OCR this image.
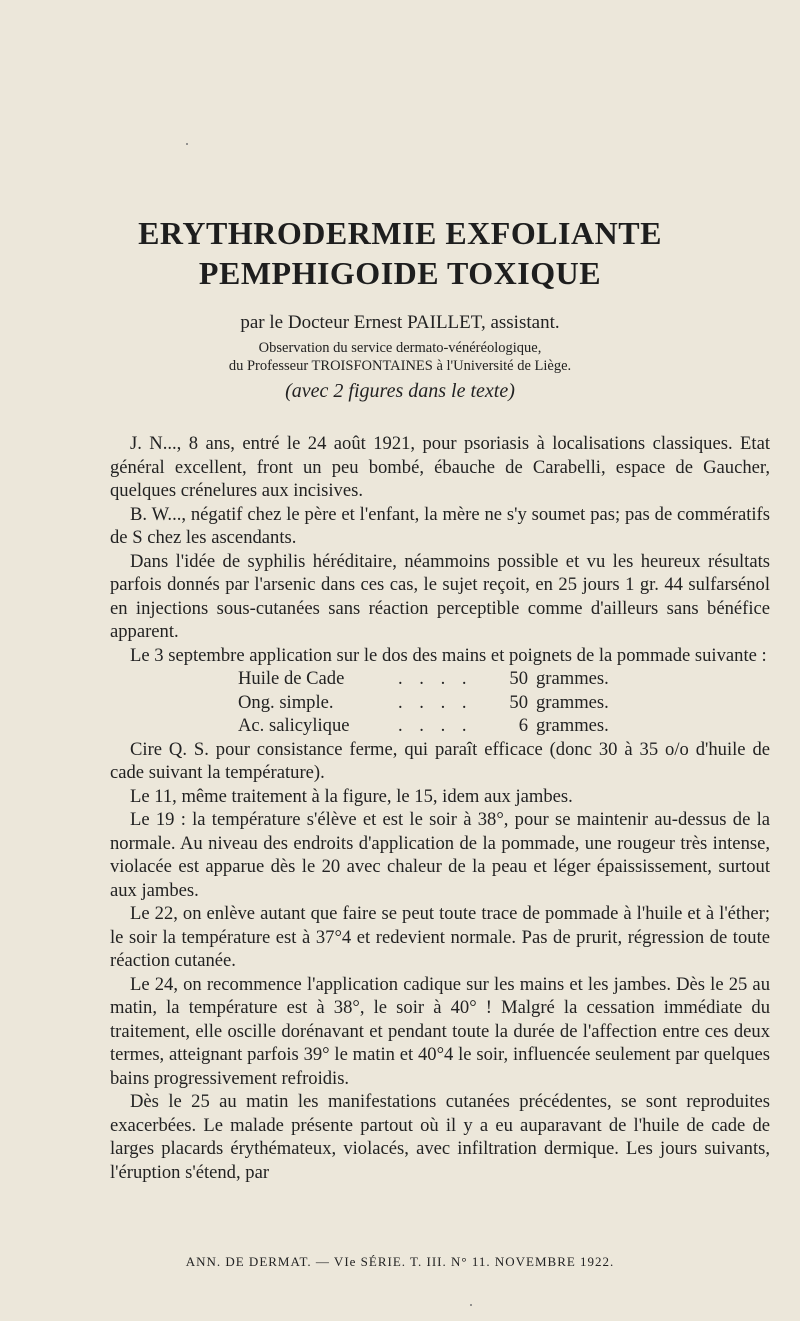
ERYTHRODERMIE EXFOLIANTE
PEMPHIGOIDE TOXIQUE
par le Docteur Ernest PAILLET, assistant.
Observation du service dermato-vénéréologique,
du Professeur TROISFONTAINES à l'Université de Liège.
(avec 2 figures dans le texte)

J. N..., 8 ans, entré le 24 août 1921, pour psoriasis à localisations classiques. Etat général excellent, front un peu bombé, ébauche de Carabelli, espace de Gaucher, quelques crénelures aux incisives.

B. W..., négatif chez le père et l'enfant, la mère ne s'y soumet pas; pas de commératifs de S chez les ascendants.

Dans l'idée de syphilis héréditaire, néammoins possible et vu les heureux résultats parfois donnés par l'arsenic dans ces cas, le sujet reçoit, en 25 jours 1 gr. 44 sulfarsénol en injections sous-cutanées sans réaction perceptible comme d'ailleurs sans bénéfice apparent.

Le 3 septembre application sur le dos des mains et poignets de la pommade suivante :

Huile de Cade	. . . .	50 grammes.
Ong. simple.	. . . .	50 grammes.
Ac. salicylique	. . . .	6 grammes.

Cire Q. S. pour consistance ferme, qui paraît efficace (donc 30 à 35 o/o d'huile de cade suivant la température).

Le 11, même traitement à la figure, le 15, idem aux jambes.

Le 19 : la température s'élève et est le soir à 38°, pour se maintenir au-dessus de la normale. Au niveau des endroits d'application de la pommade, une rougeur très intense, violacée est apparue dès le 20 avec chaleur de la peau et léger épaississement, surtout aux jambes.

Le 22, on enlève autant que faire se peut toute trace de pommade à l'huile et à l'éther; le soir la température est à 37°4 et redevient normale. Pas de prurit, régression de toute réaction cutanée.

Le 24, on recommence l'application cadique sur les mains et les jambes. Dès le 25 au matin, la température est à 38°, le soir à 40° ! Malgré la cessation immédiate du traitement, elle oscille dorénavant et pendant toute la durée de l'affection entre ces deux termes, atteignant parfois 39° le matin et 40°4 le soir, influencée seulement par quelques bains progressivement refroidis.

Dès le 25 au matin les manifestations cutanées précédentes, se sont reproduites exacerbées. Le malade présente partout où il y a eu auparavant de l'huile de cade de larges placards érythémateux, violacés, avec infiltration dermique. Les jours suivants, l'éruption s'étend, par

ANN. DE DERMAT. — VIe SÉRIE. T. III. N° 11. NOVEMBRE 1922.
